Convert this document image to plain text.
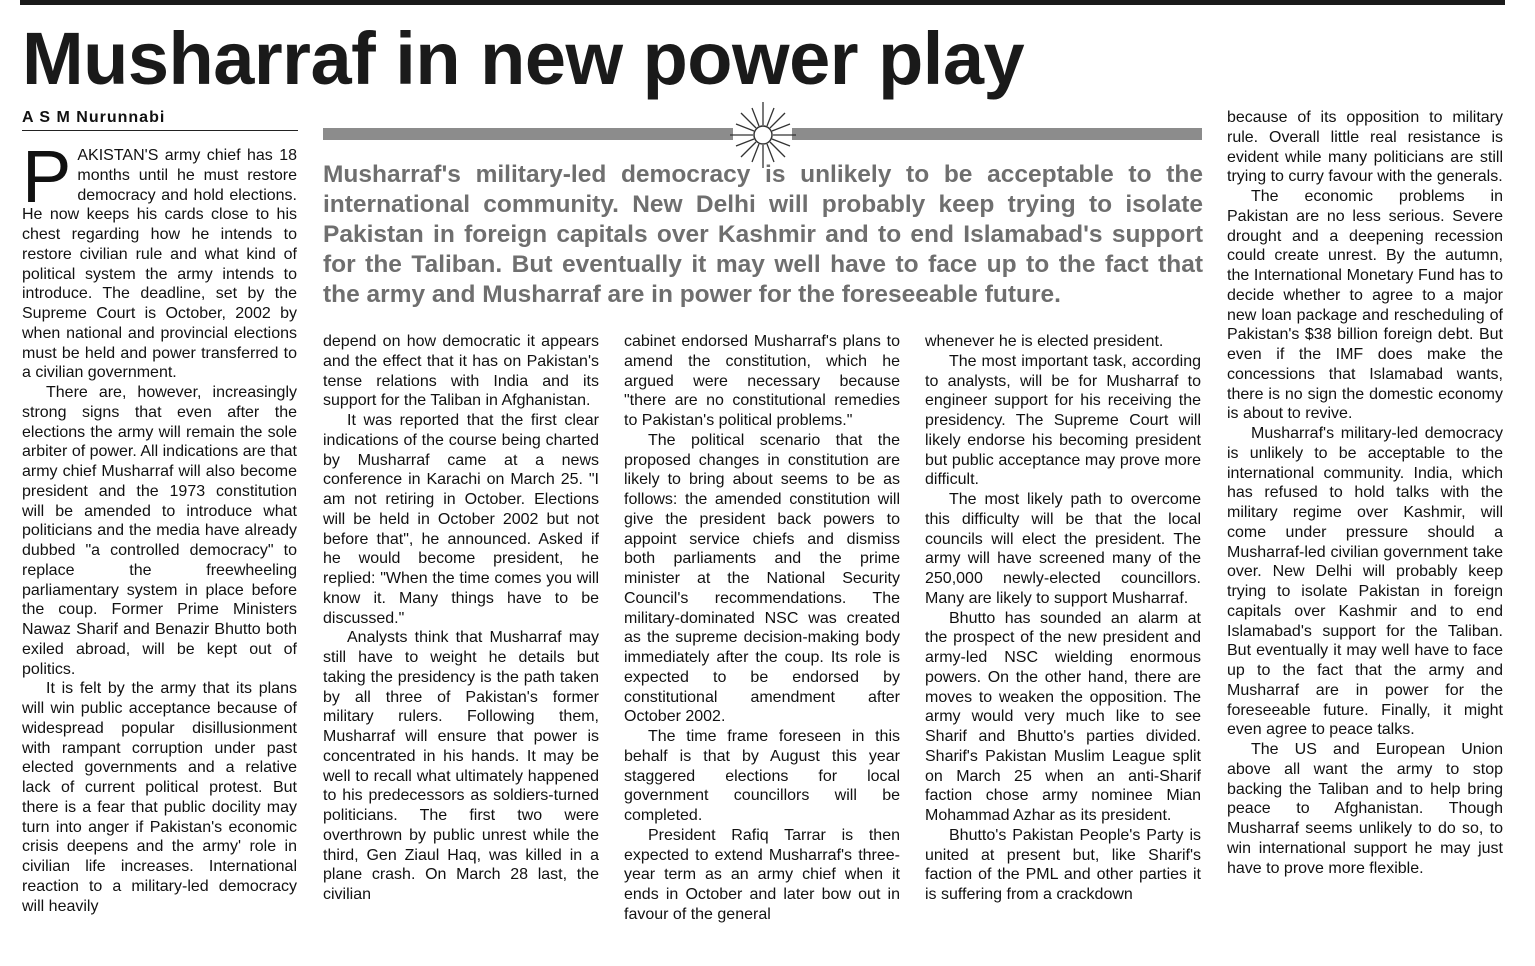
Musharraf in new power play
A S M Nurunnabi

PAKISTAN'S army chief has 18 months until he must restore democracy and hold elections. He now keeps his cards close to his chest regarding how he intends to restore civilian rule and what kind of political system the army intends to introduce. The deadline, set by the Supreme Court is October, 2002 by when national and provincial elections must be held and power transferred to a civilian government.

There are, however, increasingly strong signs that even after the elections the army will remain the sole arbiter of power. All indications are that army chief Musharraf will also become president and the 1973 constitution will be amended to introduce what politicians and the media have already dubbed "a controlled democracy" to replace the freewheeling parliamentary system in place before the coup. Former Prime Ministers Nawaz Sharif and Benazir Bhutto both exiled abroad, will be kept out of politics.

It is felt by the army that its plans will win public acceptance because of widespread popular disillusionment with rampant corruption under past elected governments and a relative lack of current political protest. But there is a fear that public docility may turn into anger if Pakistan's economic crisis deepens and the army' role in civilian life increases. International reaction to a military-led democracy will heavily

Musharraf's military-led democracy is unlikely to be acceptable to the international community. New Delhi will probably keep trying to isolate Pakistan in foreign capitals over Kashmir and to end Islamabad's support for the Taliban. But eventually it may well have to face up to the fact that the army and Musharraf are in power for the foreseeable future.

depend on how democratic it appears and the effect that it has on Pakistan's tense relations with India and its support for the Taliban in Afghanistan.

It was reported that the first clear indications of the course being charted by Musharraf came at a news conference in Karachi on March 25. "I am not retiring in October. Elections will be held in October 2002 but not before that", he announced. Asked if he would become president, he replied: "When the time comes you will know it. Many things have to be discussed."

Analysts think that Musharraf may still have to weight he details but taking the presidency is the path taken by all three of Pakistan's former military rulers. Following them, Musharraf will ensure that power is concentrated in his hands. It may be well to recall what ultimately happened to his predecessors as soldiers-turned politicians. The first two were overthrown by public unrest while the third, Gen Ziaul Haq, was killed in a plane crash. On March 28 last, the civilian

cabinet endorsed Musharraf's plans to amend the constitution, which he argued were necessary because "there are no constitutional remedies to Pakistan's political problems."

The political scenario that the proposed changes in constitution are likely to bring about seems to be as follows: the amended constitution will give the president back powers to appoint service chiefs and dismiss both parliaments and the prime minister at the National Security Council's recommendations. The military-dominated NSC was created as the supreme decision-making body immediately after the coup. Its role is expected to be endorsed by constitutional amendment after October 2002.

The time frame foreseen in this behalf is that by August this year staggered elections for local government councillors will be completed.

President Rafiq Tarrar is then expected to extend Musharraf's three-year term as an army chief when it ends in October and later bow out in favour of the general

whenever he is elected president.

The most important task, according to analysts, will be for Musharraf to engineer support for his receiving the presidency. The Supreme Court will likely endorse his becoming president but public acceptance may prove more difficult.

The most likely path to overcome this difficulty will be that the local councils will elect the president. The army will have screened many of the 250,000 newly-elected councillors. Many are likely to support Musharraf.

Bhutto has sounded an alarm at the prospect of the new president and army-led NSC wielding enormous powers. On the other hand, there are moves to weaken the opposition. The army would very much like to see Sharif and Bhutto's parties divided. Sharif's Pakistan Muslim League split on March 25 when an anti-Sharif faction chose army nominee Mian Mohammad Azhar as its president.

Bhutto's Pakistan People's Party is united at present but, like Sharif's faction of the PML and other parties it is suffering from a crackdown

because of its opposition to military rule. Overall little real resistance is evident while many politicians are still trying to curry favour with the generals.

The economic problems in Pakistan are no less serious. Severe drought and a deepening recession could create unrest. By the autumn, the International Monetary Fund has to decide whether to agree to a major new loan package and rescheduling of Pakistan's $38 billion foreign debt. But even if the IMF does make the concessions that Islamabad wants, there is no sign the domestic economy is about to revive.

Musharraf's military-led democracy is unlikely to be acceptable to the international community. India, which has refused to hold talks with the military regime over Kashmir, will come under pressure should a Musharraf-led civilian government take over. New Delhi will probably keep trying to isolate Pakistan in foreign capitals over Kashmir and to end Islamabad's support for the Taliban. But eventually it may well have to face up to the fact that the army and Musharraf are in power for the foreseeable future. Finally, it might even agree to peace talks.

The US and European Union above all want the army to stop backing the Taliban and to help bring peace to Afghanistan. Though Musharraf seems unlikely to do so, to win international support he may just have to prove more flexible.
